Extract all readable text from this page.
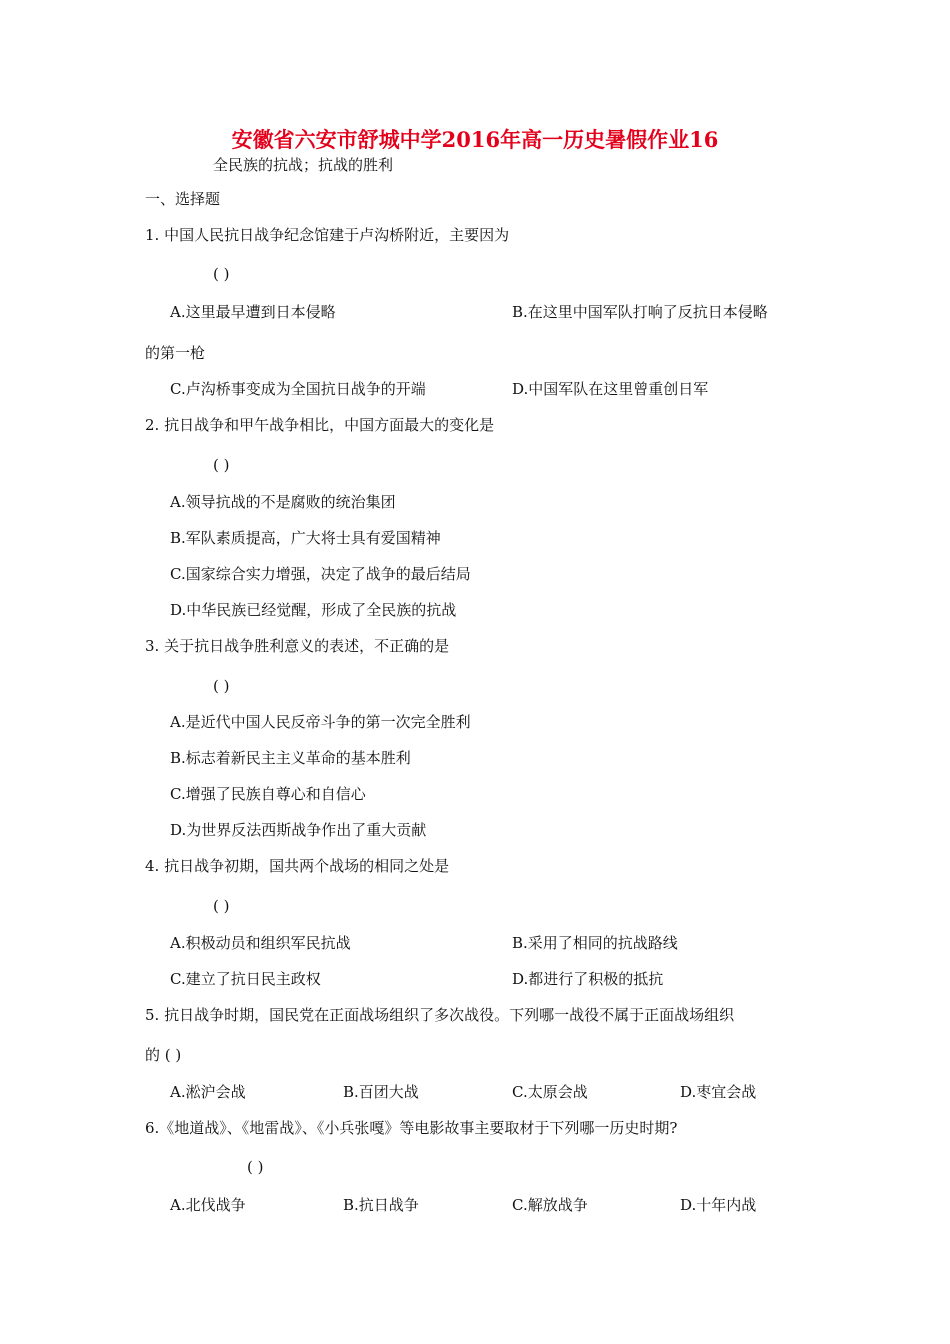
安徽省六安市舒城中学2016年高一历史暑假作业16
全民族的抗战；抗战的胜利
一、选择题
1. 中国人民抗日战争纪念馆建于卢沟桥附近，主要因为
( )
A.这里最早遭到日本侵略	B.在这里中国军队打响了反抗日本侵略
的第一枪
C.卢沟桥事变成为全国抗日战争的开端	D.中国军队在这里曾重创日军
2. 抗日战争和甲午战争相比，中国方面最大的变化是
( )
A.领导抗战的不是腐败的统治集团
B.军队素质提高，广大将士具有爱国精神
C.国家综合实力增强，决定了战争的最后结局
D.中华民族已经觉醒，形成了全民族的抗战
3. 关于抗日战争胜利意义的表述，不正确的是
( )
A.是近代中国人民反帝斗争的第一次完全胜利
B.标志着新民主主义革命的基本胜利
C.增强了民族自尊心和自信心
D.为世界反法西斯战争作出了重大贡献
4. 抗日战争初期，国共两个战场的相同之处是
( )
A.积极动员和组织军民抗战	B.采用了相同的抗战路线
C.建立了抗日民主政权	D.都进行了积极的抵抗
5. 抗日战争时期，国民党在正面战场组织了多次战役。下列哪一战役不属于正面战场组织
的 ( )
A.淞沪会战	B.百团大战	C.太原会战	D.枣宜会战
6.《地道战》、《地雷战》、《小兵张嘎》等电影故事主要取材于下列哪一历史时期?
( )
A.北伐战争	B.抗日战争	C.解放战争	D.十年内战
